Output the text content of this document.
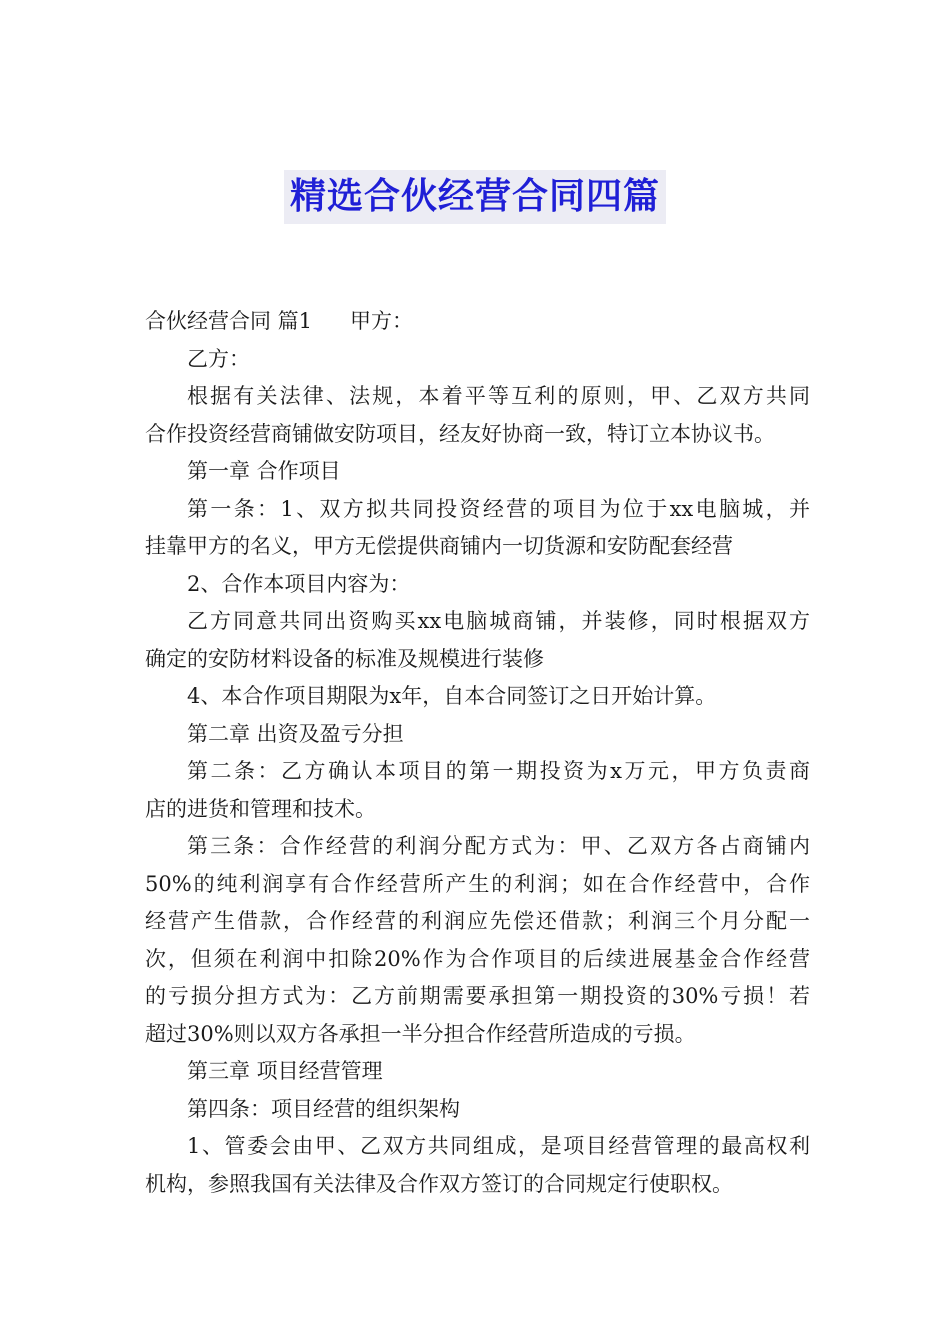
精选合伙经营合同四篇
合伙经营合同 篇1 甲方：
乙方：
根据有关法律、法规，本着平等互利的原则，甲、乙双方共同
合作投资经营商铺做安防项目，经友好协商一致，特订立本协议书。
第一章 合作项目
第一条：1、双方拟共同投资经营的项目为位于xx电脑城，并
挂靠甲方的名义，甲方无偿提供商铺内一切货源和安防配套经营
2、合作本项目内容为：
乙方同意共同出资购买xx电脑城商铺，并装修，同时根据双方
确定的安防材料设备的标准及规模进行装修
4、本合作项目期限为x年，自本合同签订之日开始计算。
第二章 出资及盈亏分担
第二条：乙方确认本项目的第一期投资为x万元，甲方负责商
店的进货和管理和技术。
第三条：合作经营的利润分配方式为：甲、乙双方各占商铺内
50%的纯利润享有合作经营所产生的利润；如在合作经营中，合作
经营产生借款，合作经营的利润应先偿还借款；利润三个月分配一
次，但须在利润中扣除20%作为合作项目的后续进展基金合作经营
的亏损分担方式为：乙方前期需要承担第一期投资的30%亏损！若
超过30%则以双方各承担一半分担合作经营所造成的亏损。
第三章 项目经营管理
第四条：项目经营的组织架构
1、管委会由甲、乙双方共同组成，是项目经营管理的最高权利
机构，参照我国有关法律及合作双方签订的合同规定行使职权。
